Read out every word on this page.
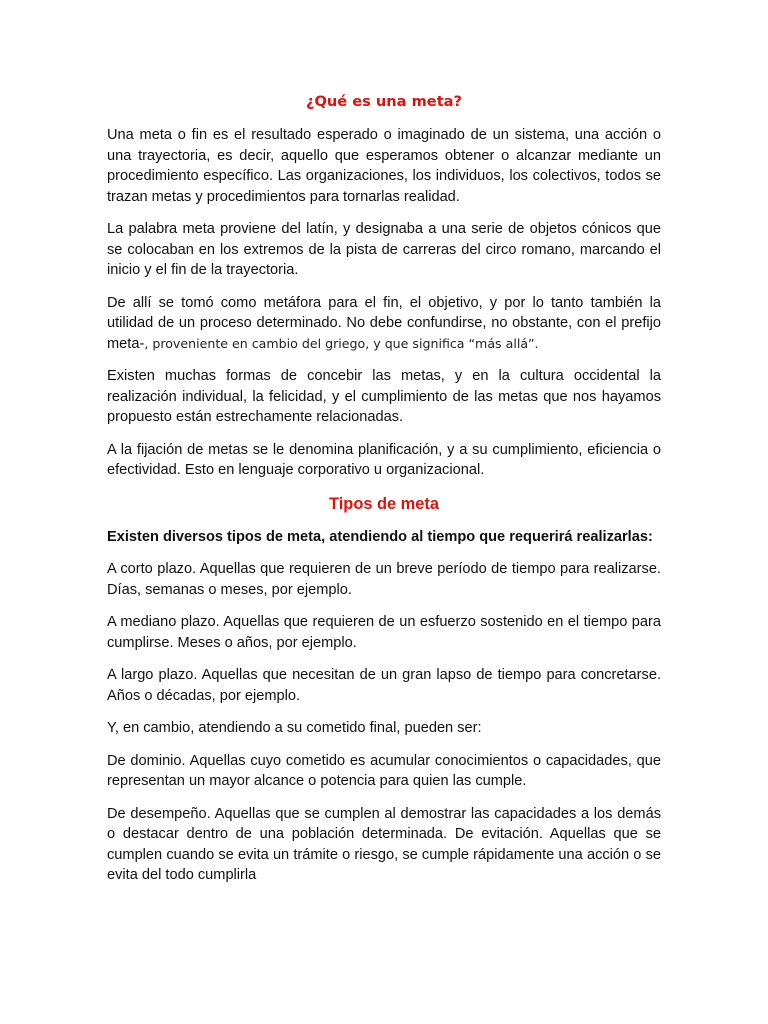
¿Qué es una meta?

Una meta o fin es el resultado esperado o imaginado de un sistema, una acción o una trayectoria, es decir, aquello que esperamos obtener o alcanzar mediante un procedimiento específico. Las organizaciones, los individuos, los colectivos, todos se trazan metas y procedimientos para tornarlas realidad.

La palabra meta proviene del latín, y designaba a una serie de objetos cónicos que se colocaban en los extremos de la pista de carreras del circo romano, marcando el inicio y el fin de la trayectoria.

De allí se tomó como metáfora para el fin, el objetivo, y por lo tanto también la utilidad de un proceso determinado. No debe confundirse, no obstante, con el prefijo meta-, proveniente en cambio del griego, y que significa “más allá”.

Existen muchas formas de concebir las metas, y en la cultura occidental la realización individual, la felicidad, y el cumplimiento de las metas que nos hayamos propuesto están estrechamente relacionadas.

A la fijación de metas se le denomina planificación, y a su cumplimiento, eficiencia o efectividad. Esto en lenguaje corporativo u organizacional.

Tipos de meta

Existen diversos tipos de meta, atendiendo al tiempo que requerirá realizarlas:

A corto plazo. Aquellas que requieren de un breve período de tiempo para realizarse. Días, semanas o meses, por ejemplo.

A mediano plazo. Aquellas que requieren de un esfuerzo sostenido en el tiempo para cumplirse. Meses o años, por ejemplo.

A largo plazo. Aquellas que necesitan de un gran lapso de tiempo para concretarse. Años o décadas, por ejemplo.

Y, en cambio, atendiendo a su cometido final, pueden ser:

De dominio. Aquellas cuyo cometido es acumular conocimientos o capacidades, que representan un mayor alcance o potencia para quien las cumple.

De desempeño. Aquellas que se cumplen al demostrar las capacidades a los demás o destacar dentro de una población determinada. De evitación. Aquellas que se cumplen cuando se evita un trámite o riesgo, se cumple rápidamente una acción o se evita del todo cumplirla
